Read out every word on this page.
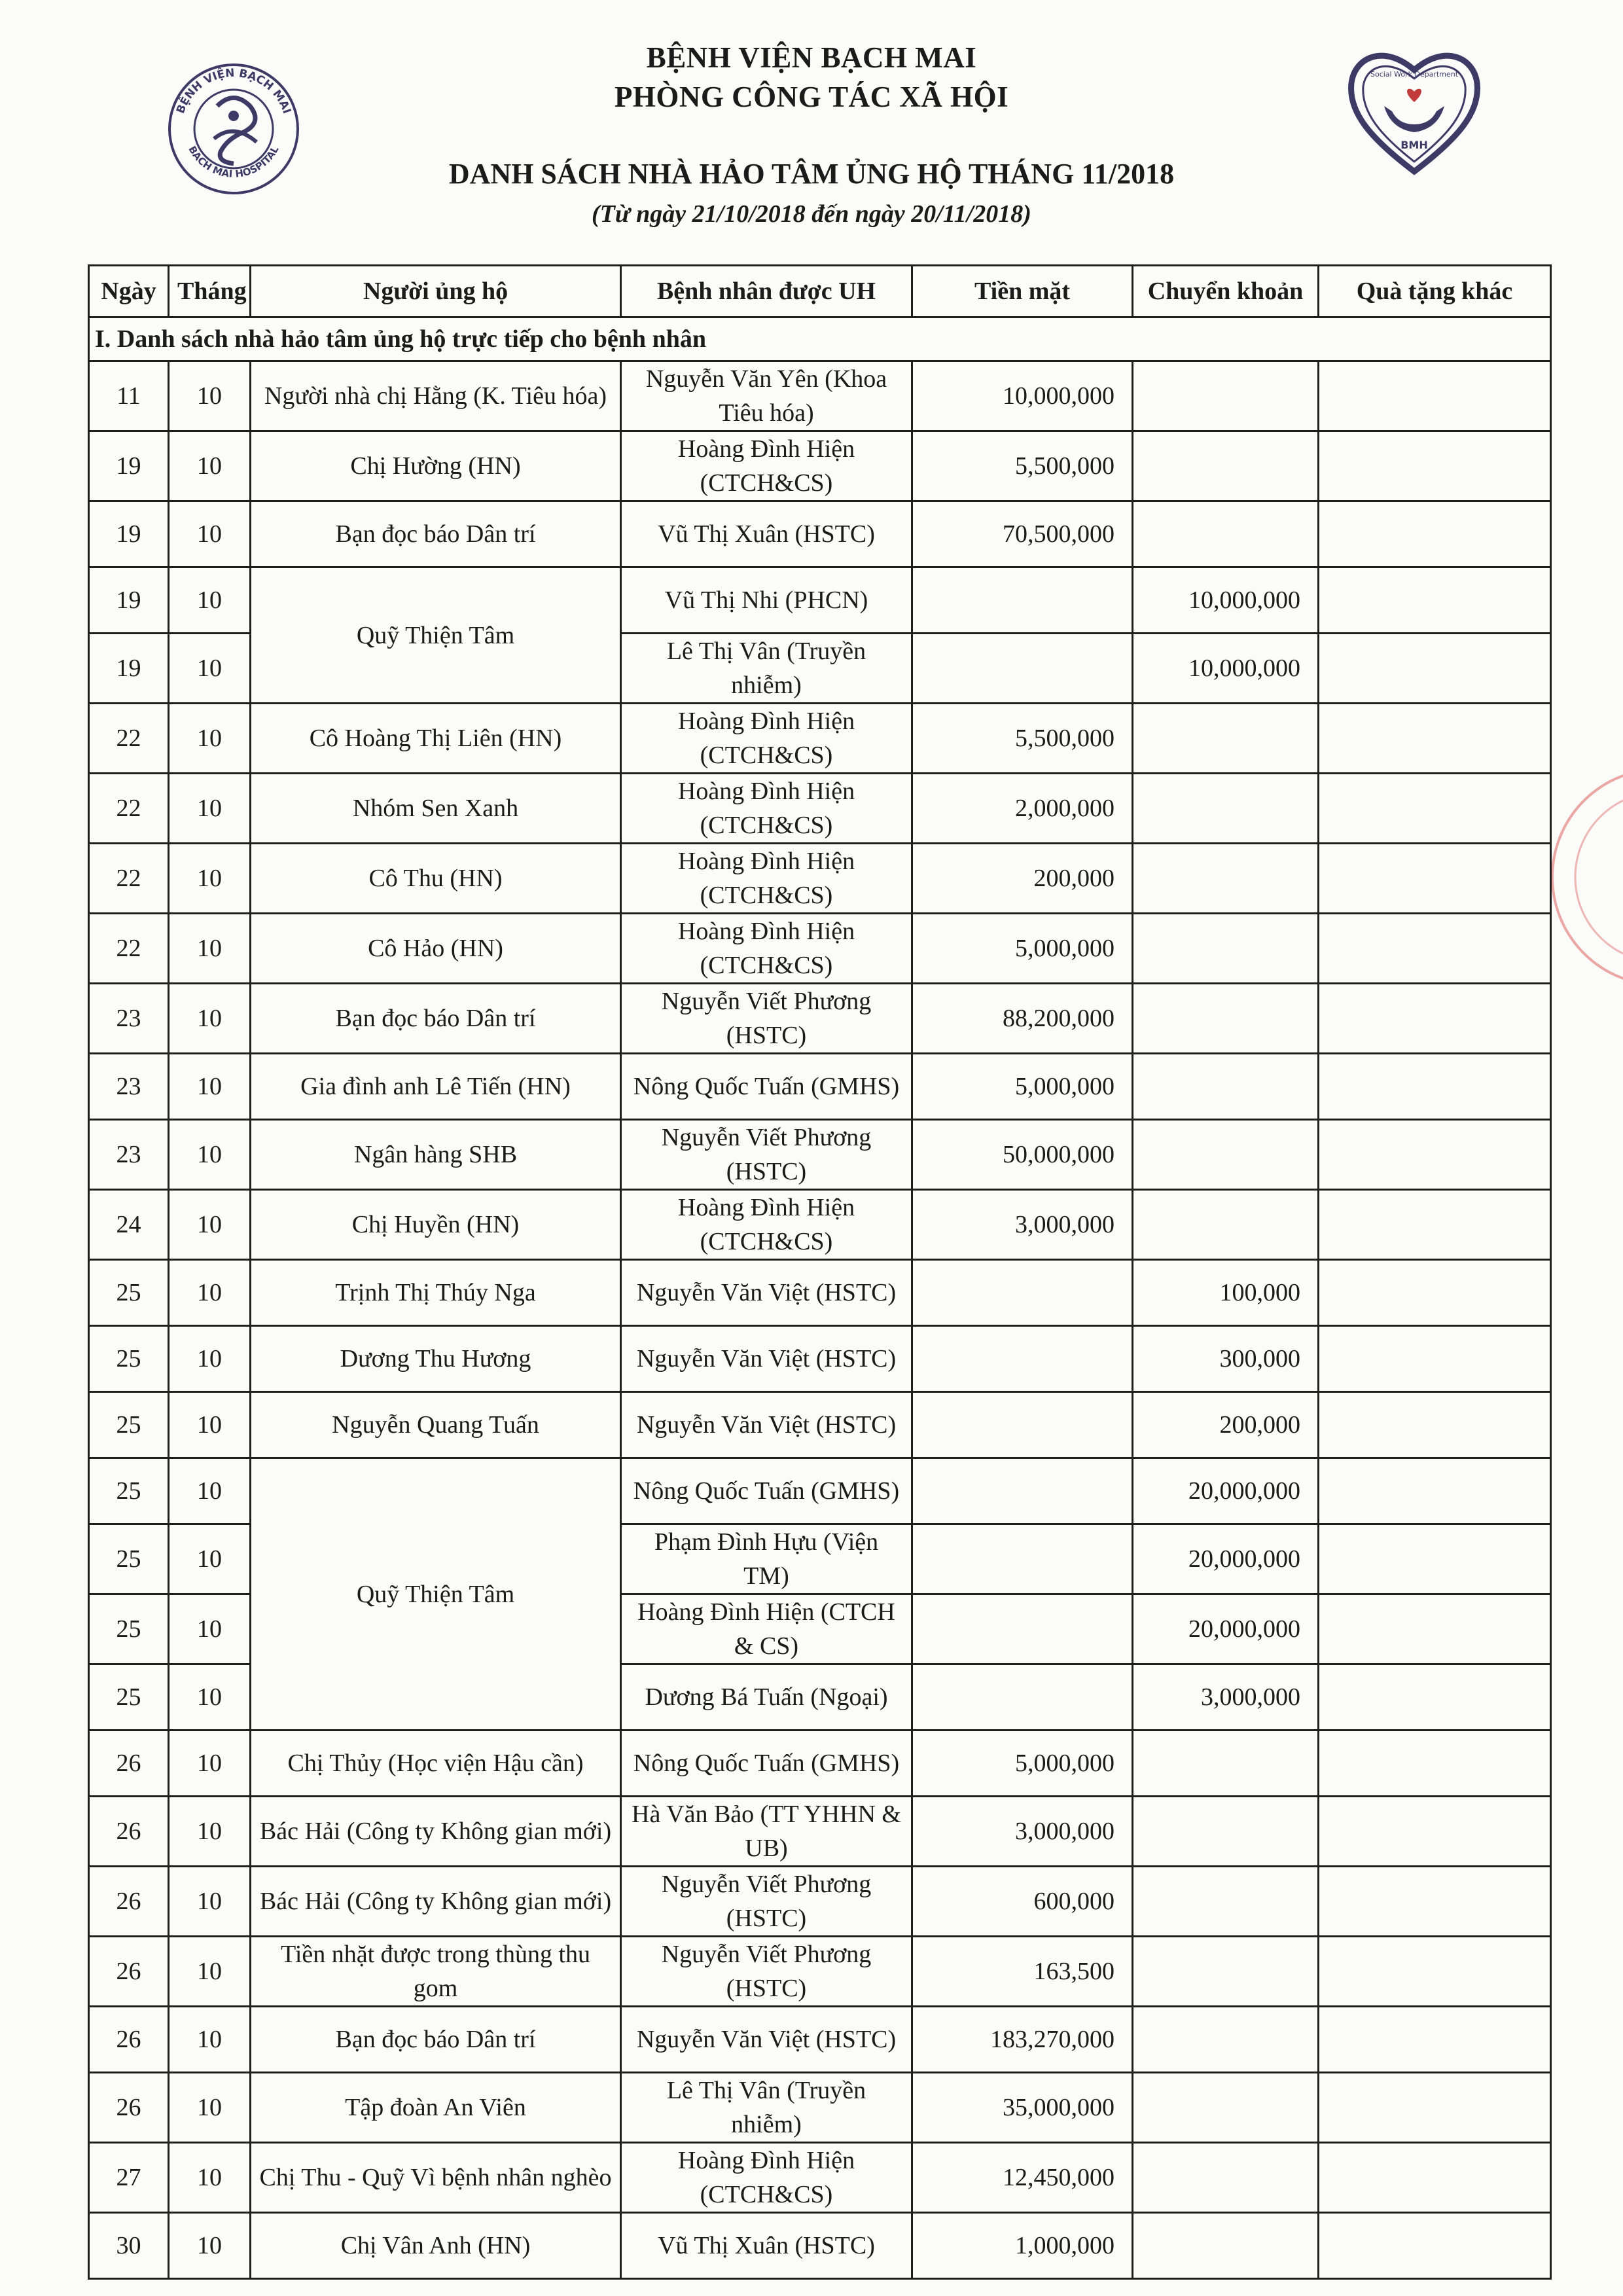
BỆNH VIỆN BẠCH MAI
BACH MAI HOSPITAL
Social Work Department
BMH
BỆNH VIỆN BẠCH MAI
PHÒNG CÔNG TÁC XÃ HỘI
DANH SÁCH NHÀ HẢO TÂM ỦNG HỘ THÁNG 11/2018
(Từ ngày 21/10/2018 đến ngày 20/11/2018)
Ngày	Tháng	Người ủng hộ	Bệnh nhân được UH	Tiền mặt	Chuyển khoản	Quà tặng khác
I. Danh sách nhà hảo tâm ủng hộ trực tiếp cho bệnh nhân						
11	10	Người nhà chị Hằng (K. Tiêu hóa)	Nguyễn Văn Yên (Khoa Tiêu hóa)	10,000,000		
19	10	Chị Hường (HN)	Hoàng Đình Hiện (CTCH&CS)	5,500,000		
19	10	Bạn đọc báo Dân trí	Vũ Thị Xuân (HSTC)	70,500,000		
19	10	Quỹ Thiện Tâm	Vũ Thị Nhi (PHCN)		10,000,000	
19	10		Lê Thị Vân (Truyền nhiễm)		10,000,000	
22	10	Cô Hoàng Thị Liên (HN)	Hoàng Đình Hiện (CTCH&CS)	5,500,000		
22	10	Nhóm Sen Xanh	Hoàng Đình Hiện (CTCH&CS)	2,000,000		
22	10	Cô Thu (HN)	Hoàng Đình Hiện (CTCH&CS)	200,000		
22	10	Cô Hảo (HN)	Hoàng Đình Hiện (CTCH&CS)	5,000,000		
23	10	Bạn đọc báo Dân trí	Nguyễn Viết Phương (HSTC)	88,200,000		
23	10	Gia đình anh Lê Tiến (HN)	Nông Quốc Tuấn (GMHS)	5,000,000		
23	10	Ngân hàng SHB	Nguyễn Viết Phương (HSTC)	50,000,000		
24	10	Chị Huyền (HN)	Hoàng Đình Hiện (CTCH&CS)	3,000,000		
25	10	Trịnh Thị Thúy Nga	Nguyễn Văn Việt (HSTC)		100,000	
25	10	Dương Thu Hương	Nguyễn Văn Việt (HSTC)		300,000	
25	10	Nguyễn Quang Tuấn	Nguyễn Văn Việt (HSTC)		200,000	
25	10	Quỹ Thiện Tâm	Nông Quốc Tuấn (GMHS)		20,000,000	
25	10		Phạm Đình Hựu (Viện TM)		20,000,000	
25	10		Hoàng Đình Hiện (CTCH & CS)		20,000,000	
25	10		Dương Bá Tuấn (Ngoại)		3,000,000	
26	10	Chị Thủy (Học viện Hậu cần)	Nông Quốc Tuấn (GMHS)	5,000,000		
26	10	Bác Hải (Công ty Không gian mới)	Hà Văn Bảo (TT YHHN & UB)	3,000,000		
26	10	Bác Hải (Công ty Không gian mới)	Nguyễn Viết Phương (HSTC)	600,000		
26	10	Tiền nhặt được trong thùng thu gom	Nguyễn Viết Phương (HSTC)	163,500		
26	10	Bạn đọc báo Dân trí	Nguyễn Văn Việt (HSTC)	183,270,000		
26	10	Tập đoàn An Viên	Lê Thị Vân (Truyền nhiễm)	35,000,000		
27	10	Chị Thu - Quỹ Vì bệnh nhân nghèo	Hoàng Đình Hiện (CTCH&CS)	12,450,000		
30	10	Chị Vân Anh (HN)	Vũ Thị Xuân (HSTC)	1,000,000		
